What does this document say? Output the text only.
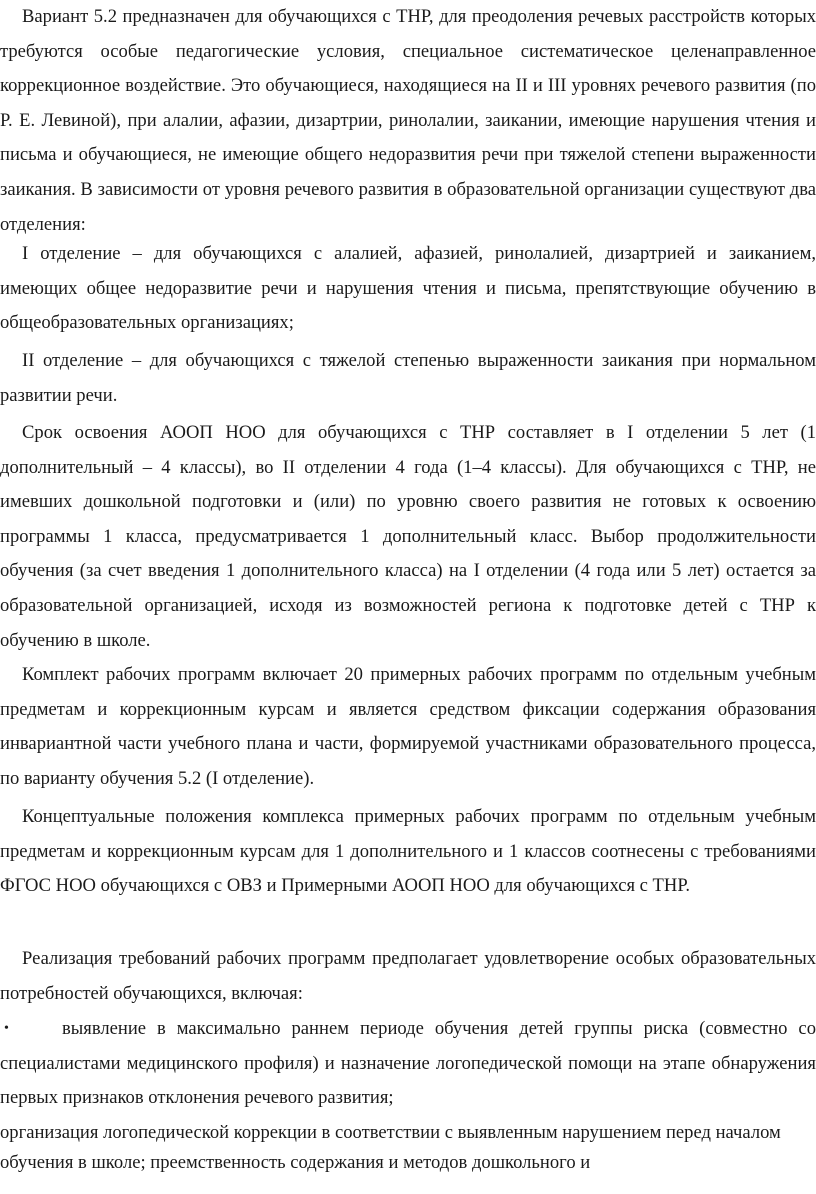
Вариант 5.2 предназначен для обучающихся с ТНР, для преодоления речевых расстройств которых требуются особые педагогические условия, специальное систематическое целенаправленное коррекционное воздействие. Это обучающиеся, находящиеся на II и III уровнях речевого развития (по Р. Е. Левиной), при алалии, афазии, дизартрии, ринолалии, заикании, имеющие нарушения чтения и письма и обучающиеся, не имеющие общего недоразвития речи при тяжелой степени выраженности заикания. В зависимости от уровня речевого развития в образовательной организации существуют два отделения:

I отделение – для обучающихся с алалией, афазией, ринолалией, дизартрией и заиканием, имеющих общее недоразвитие речи и нарушения чтения и письма, препятствующие обучению в общеобразовательных организациях;

II отделение – для обучающихся с тяжелой степенью выраженности заикания при нормальном развитии речи.

Срок освоения АООП НОО для обучающихся с ТНР составляет в I отделении 5 лет (1 дополнительный – 4 классы), во II отделении 4 года (1–4 классы). Для обучающихся с ТНР, не имевших дошкольной подготовки и (или) по уровню своего развития не готовых к освоению программы 1 класса, предусматривается 1 дополнительный класс. Выбор продолжительности обучения (за счет введения 1 дополнительного класса) на I отделении (4 года или 5 лет) остается за образовательной организацией, исходя из возможностей региона к подготовке детей с ТНР к обучению в школе.

Комплект рабочих программ включает 20 примерных рабочих программ по отдельным учебным предметам и коррекционным курсам и является средством фиксации содержания образования инвариантной части учебного плана и части, формируемой участниками образовательного процесса, по варианту обучения 5.2 (I отделение).

Концептуальные положения комплекса примерных рабочих программ по отдельным учебным предметам и коррекционным курсам для 1 дополнительного и 1 классов соотнесены с требованиями ФГОС НОО обучающихся с ОВЗ и Примерными АООП НОО для обучающихся с ТНР.

Реализация требований рабочих программ предполагает удовлетворение особых образовательных потребностей обучающихся, включая:

•	выявление в максимально раннем периоде обучения детей группы риска (совместно со специалистами медицинского профиля) и назначение логопедической помощи на этапе обнаружения первых признаков отклонения речевого развития;

организация логопедической коррекции в соответствии с выявленным нарушением перед началом обучения в школе; преемственность содержания и методов дошкольного и
